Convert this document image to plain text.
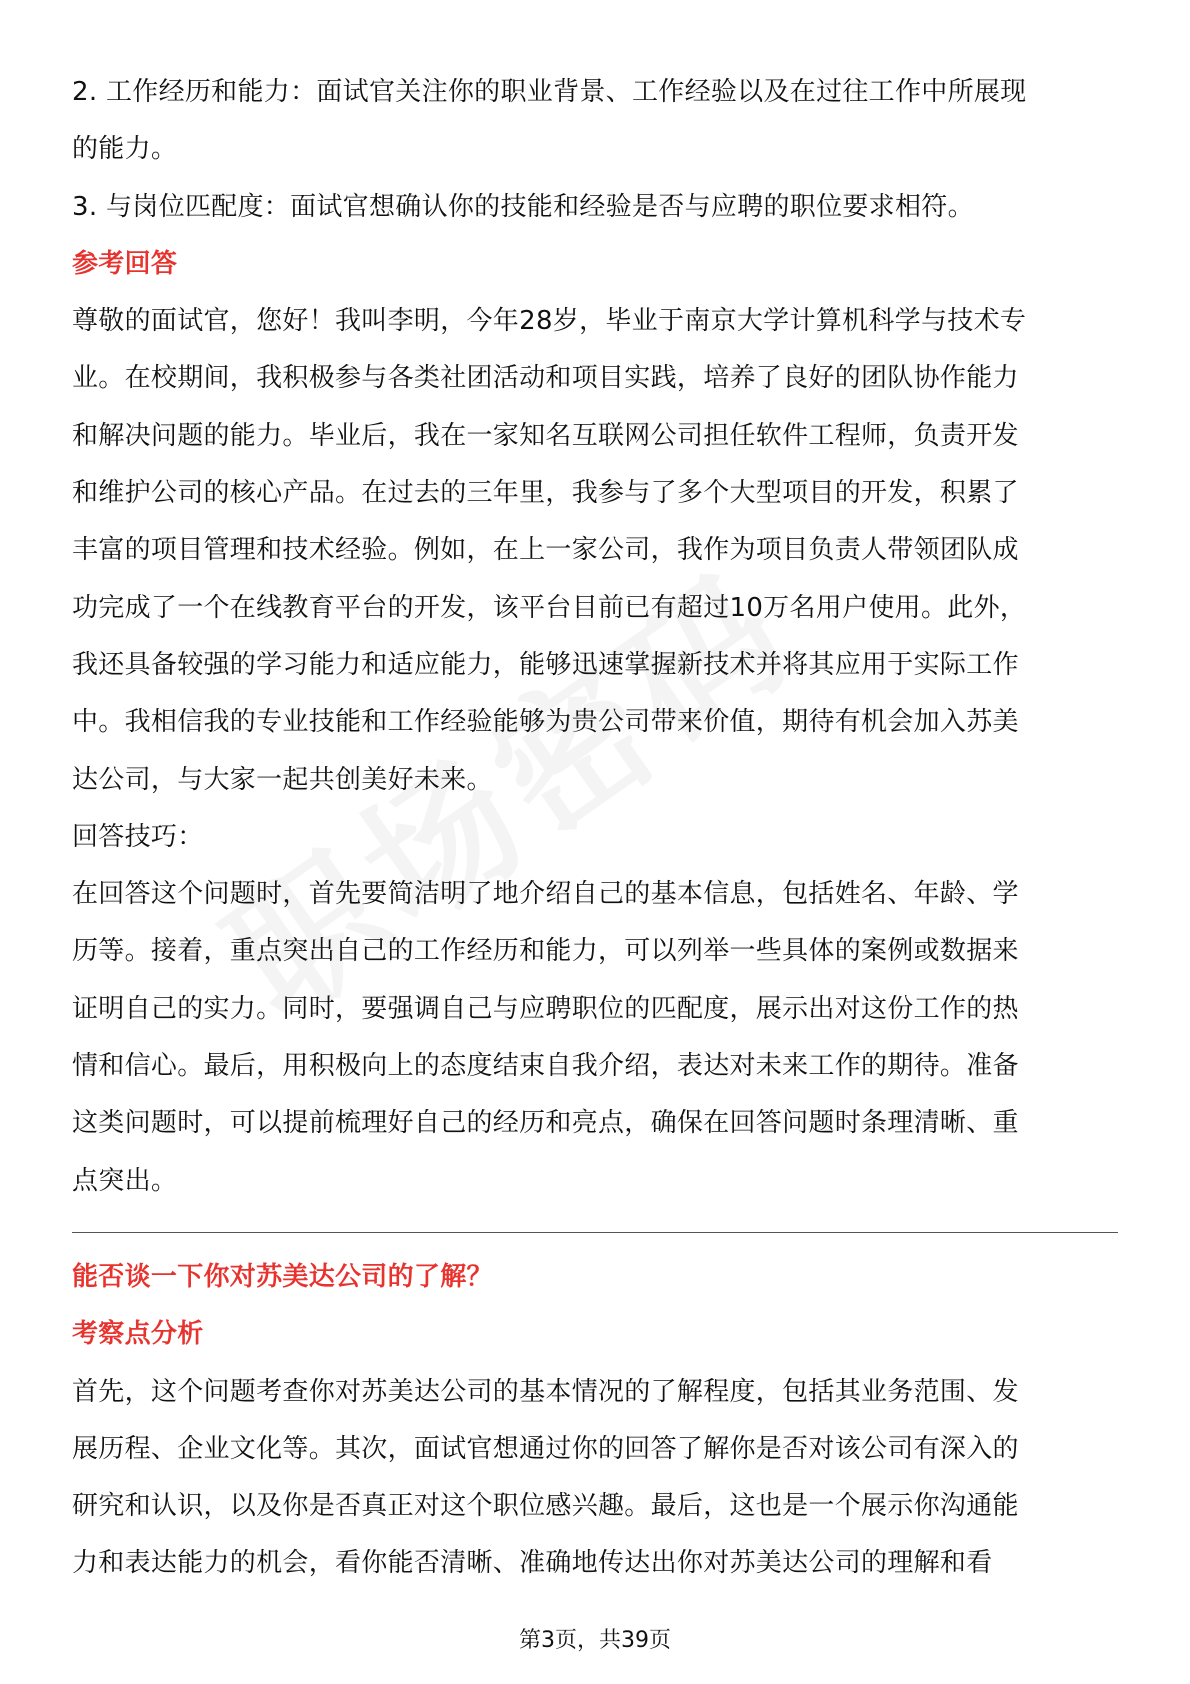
2. 工作经历和能力：面试官关注你的职业背景、工作经验以及在过往工作中所展现

的能力。

3. 与岗位匹配度：面试官想确认你的技能和经验是否与应聘的职位要求相符。

参考回答

尊敬的面试官，您好！我叫李明，今年28岁，毕业于南京大学计算机科学与技术专

业。在校期间，我积极参与各类社团活动和项目实践，培养了良好的团队协作能力

和解决问题的能力。毕业后，我在一家知名互联网公司担任软件工程师，负责开发

和维护公司的核心产品。在过去的三年里，我参与了多个大型项目的开发，积累了

丰富的项目管理和技术经验。例如，在上一家公司，我作为项目负责人带领团队成

功完成了一个在线教育平台的开发，该平台目前已有超过10万名用户使用。此外，

我还具备较强的学习能力和适应能力，能够迅速掌握新技术并将其应用于实际工作

中。我相信我的专业技能和工作经验能够为贵公司带来价值，期待有机会加入苏美

达公司，与大家一起共创美好未来。

回答技巧：

在回答这个问题时，首先要简洁明了地介绍自己的基本信息，包括姓名、年龄、学

历等。接着，重点突出自己的工作经历和能力，可以列举一些具体的案例或数据来

证明自己的实力。同时，要强调自己与应聘职位的匹配度，展示出对这份工作的热

情和信心。最后，用积极向上的态度结束自我介绍，表达对未来工作的期待。准备

这类问题时，可以提前梳理好自己的经历和亮点，确保在回答问题时条理清晰、重

点突出。

能否谈一下你对苏美达公司的了解？

考察点分析

首先，这个问题考查你对苏美达公司的基本情况的了解程度，包括其业务范围、发

展历程、企业文化等。其次，面试官想通过你的回答了解你是否对该公司有深入的

研究和认识，以及你是否真正对这个职位感兴趣。最后，这也是一个展示你沟通能

力和表达能力的机会，看你能否清晰、准确地传达出你对苏美达公司的理解和看

第3页，共39页
